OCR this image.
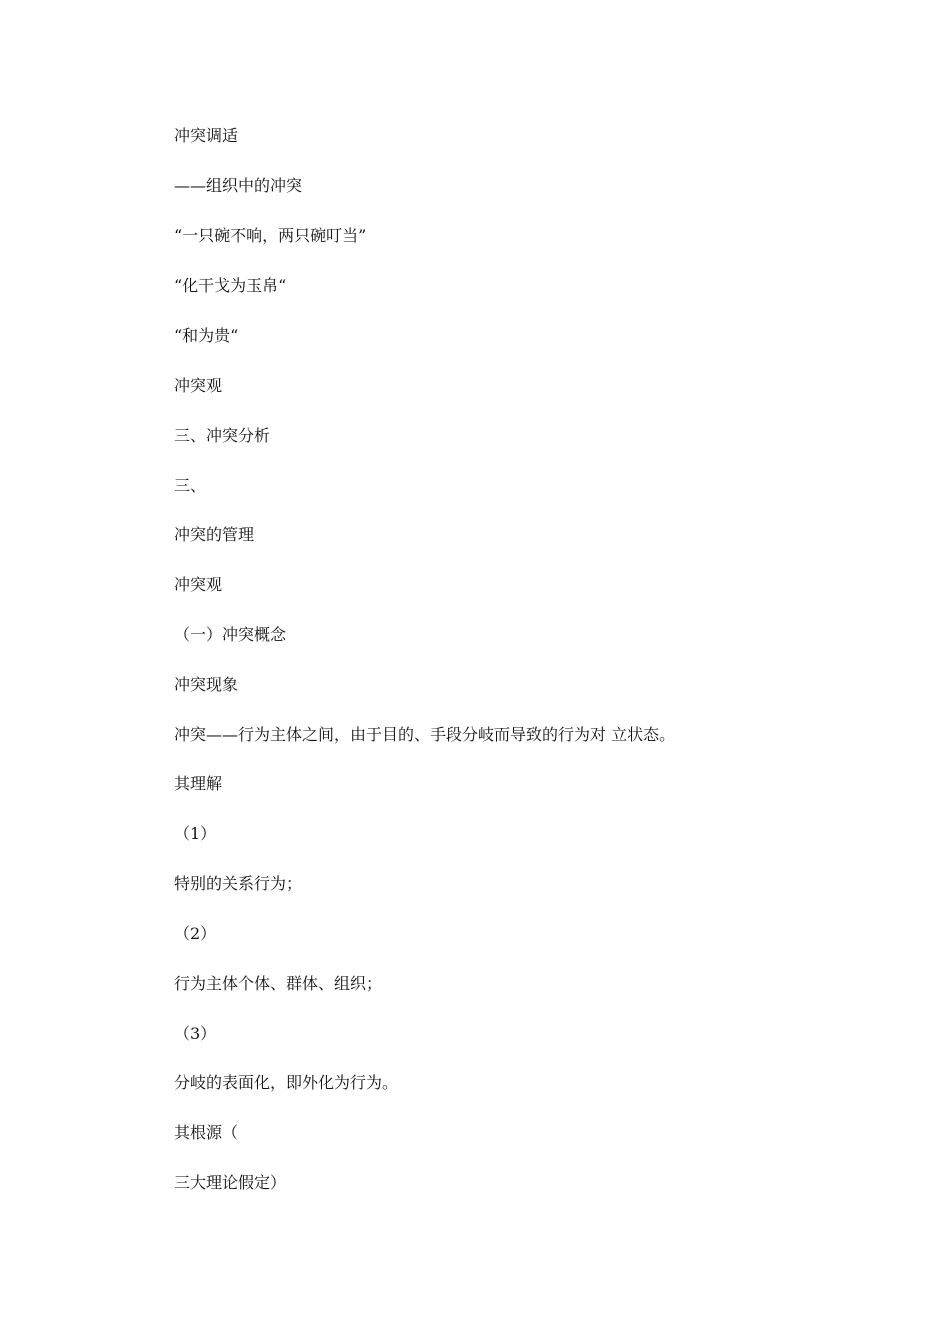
冲突调适
——组织中的冲突
“一只碗不响，两只碗叮当”
“化干戈为玉帛“
“和为贵“
冲突观
三、冲突分析
三、
冲突的管理
冲突观
（一）冲突概念
冲突现象
冲突——行为主体之间，由于目的、手段分岐而导致的行为对 立状态。
其理解
（1）
特别的关系行为；
（2）
行为主体个体、群体、组织；
（3）
分岐的表面化，即外化为行为。
其根源（
三大理论假定）
